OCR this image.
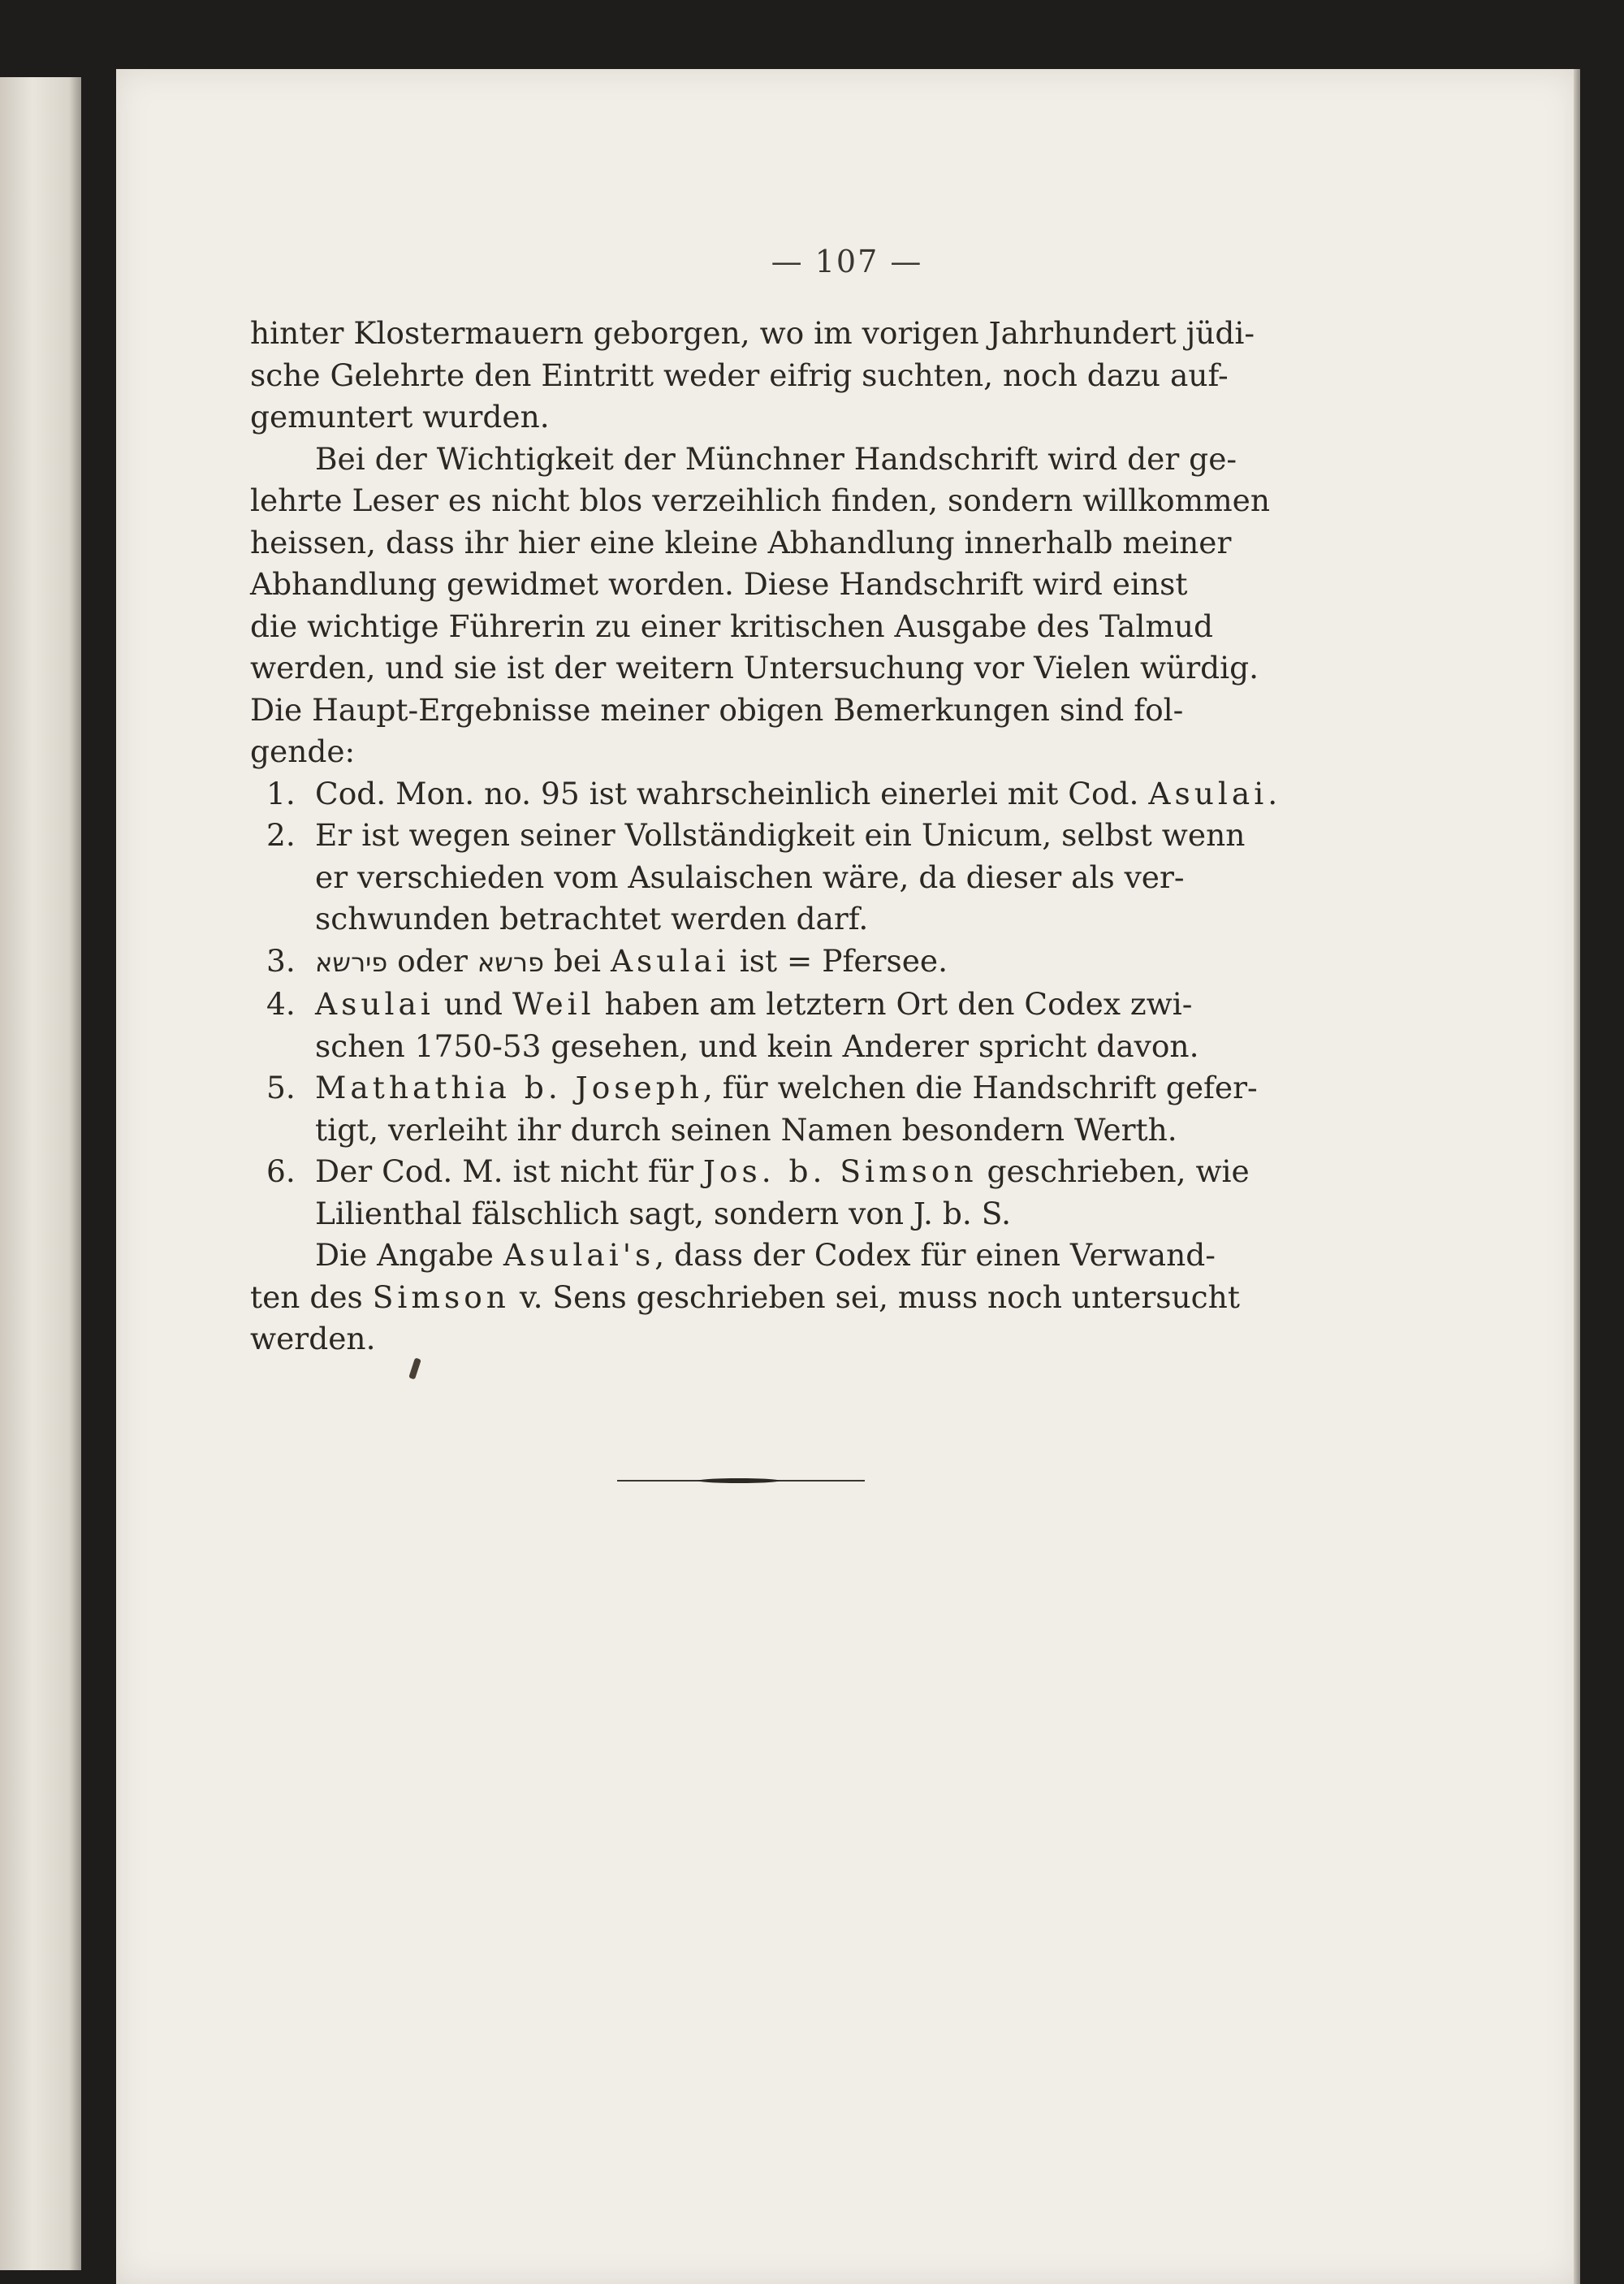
— 107 —
hinter Klostermauern geborgen, wo im vorigen Jahrhundert jüdi-
sche Gelehrte den Eintritt weder eifrig suchten, noch dazu auf-
gemuntert wurden.
Bei der Wichtigkeit der Münchner Handschrift wird der ge-
lehrte Leser es nicht blos verzeihlich finden, sondern willkommen
heissen, dass ihr hier eine kleine Abhandlung innerhalb meiner
Abhandlung gewidmet worden. Diese Handschrift wird einst
die wichtige Führerin zu einer kritischen Ausgabe des Talmud
werden, und sie ist der weitern Untersuchung vor Vielen würdig.
Die Haupt-Ergebnisse meiner obigen Bemerkungen sind fol-
gende:
1. Cod. Mon. no. 95 ist wahrscheinlich einerlei mit Cod. Asulai.
2. Er ist wegen seiner Vollständigkeit ein Unicum, selbst wenn
er verschieden vom Asulaischen wäre, da dieser als ver-
schwunden betrachtet werden darf.
3. פירשא oder פרשא bei Asulai ist = Pfersee.
4. Asulai und Weil haben am letztern Ort den Codex zwi-
schen 1750-53 gesehen, und kein Anderer spricht davon.
5. Mathathia b. Joseph, für welchen die Handschrift gefer-
tigt, verleiht ihr durch seinen Namen besondern Werth.
6. Der Cod. M. ist nicht für Jos. b. Simson geschrieben, wie
Lilienthal fälschlich sagt, sondern von J. b. S.
Die Angabe Asulai's, dass der Codex für einen Verwand-
ten des Simson v. Sens geschrieben sei, muss noch untersucht
werden.
